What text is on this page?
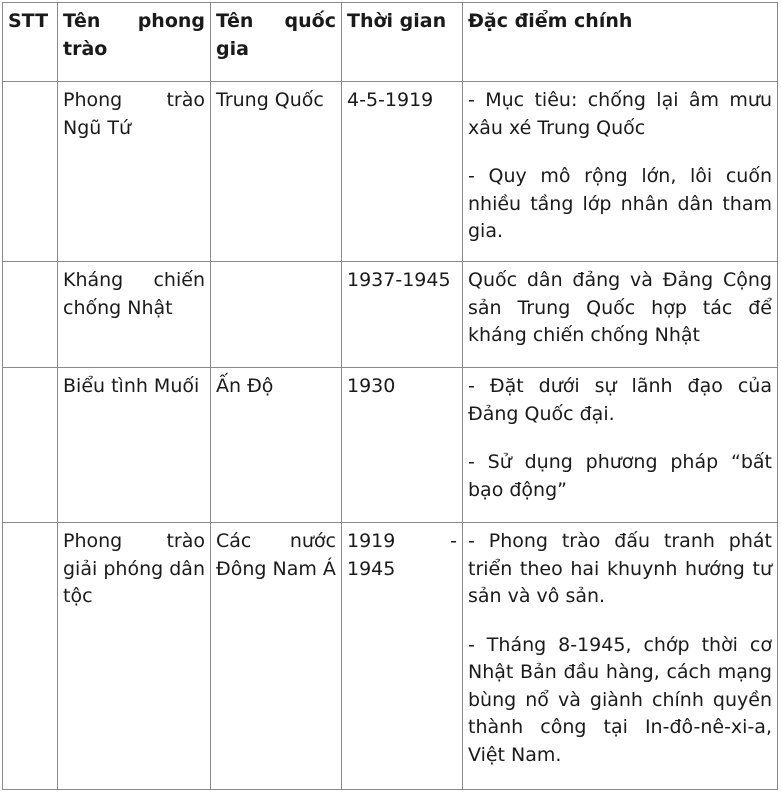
STT	Tên phong trào	Tên quốc gia	Thời gian	Đặc điểm chính
	Phong trào Ngũ Tứ	Trung Quốc	4-5-1919	- Mục tiêu: chống lại âm mưu xâu xé Trung Quốc

- Quy mô rộng lớn, lôi cuốn nhiều tầng lớp nhân dân tham gia.

	Kháng chiến chống Nhật		1937-1945	Quốc dân đảng và Đảng Cộng sản Trung Quốc hợp tác để kháng chiến chống Nhật

	Biểu tình Muối	Ấn Độ	1930	- Đặt dưới sự lãnh đạo của Đảng Quốc đại.

- Sử dụng phương pháp “bất bạo động”

	Phong trào giải phóng dân tộc	Các nước Đông Nam Á	1919 - 1945	- Phong trào đấu tranh phát triển theo hai khuynh hướng tư sản và vô sản.

- Tháng 8-1945, chớp thời cơ Nhật Bản đầu hàng, cách mạng bùng nổ và giành chính quyền thành công tại In-đô-nê-xi-a, Việt Nam.
